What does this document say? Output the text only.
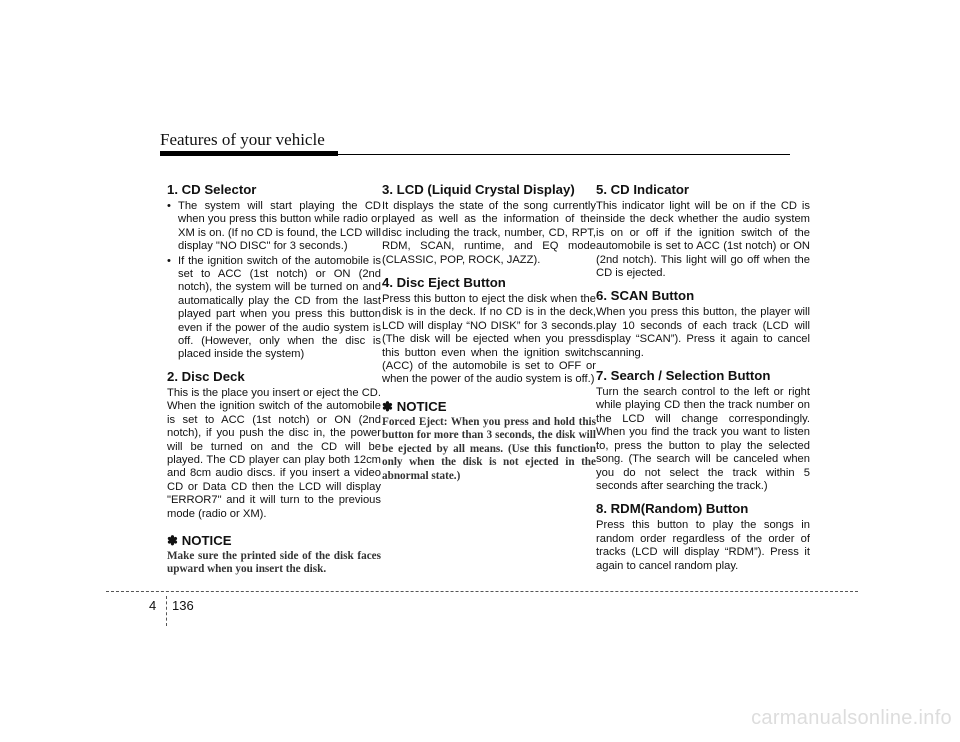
Features of your vehicle
1. CD Selector
• The system will start playing the CD when you press this button while radio or XM is on. (If no CD is found, the LCD will display "NO DISC" for 3 seconds.)
• If the ignition switch of the automobile is set to ACC (1st notch) or ON (2nd notch), the system will be turned on and automatically play the CD from the last played part when you press this button even if the power of the audio system is off. (However, only when the disc is placed inside the system)
2. Disc Deck

This is the place you insert or eject the CD. When the ignition switch of the automobile is set to ACC (1st notch) or ON (2nd notch), if you push the disc in, the power will be turned on and the CD will be played. The CD player can play both 12cm and 8cm audio discs. if you insert a video CD or Data CD then the LCD will display "ERROR7" and it will turn to the previous mode (radio or XM).

✽ NOTICE
Make sure the printed side of the disk faces upward when you insert the disk.
3. LCD (Liquid Crystal Display)

It displays the state of the song currently played as well as the information of the disc including the track, number, CD, RPT, RDM, SCAN, runtime, and EQ mode (CLASSIC, POP, ROCK, JAZZ).

4. Disc Eject Button

Press this button to eject the disk when the disk is in the deck. If no CD is in the deck, LCD will display “NO DISK” for 3 seconds. (The disk will be ejected when you press this button even when the ignition switch (ACC) of the automobile is set to OFF or when the power of the audio system is off.)

✽ NOTICE
Forced Eject: When you press and hold this button for more than 3 seconds, the disk will be ejected by all means. (Use this function only when the disk is not ejected in the abnormal state.)
5. CD Indicator

This indicator light will be on if the CD is inside the deck whether the audio system is on or off if the ignition switch of the automobile is set to ACC (1st notch) or ON (2nd notch). This light will go off when the CD is ejected.

6. SCAN Button

When you press this button, the player will play 10 seconds of each track (LCD will display “SCAN”). Press it again to cancel scanning.

7. Search / Selection Button

Turn the search control to the left or right while playing CD then the track number on the LCD will change correspondingly. When you find the track you want to listen to, press the button to play the selected song. (The search will be canceled when you do not select the track within 5 seconds after searching the track.)

8. RDM(Random) Button

Press this button to play the songs in random order regardless of the order of tracks (LCD will display “RDM”). Press it again to cancel random play.

4 136
carmanualsonline.info
